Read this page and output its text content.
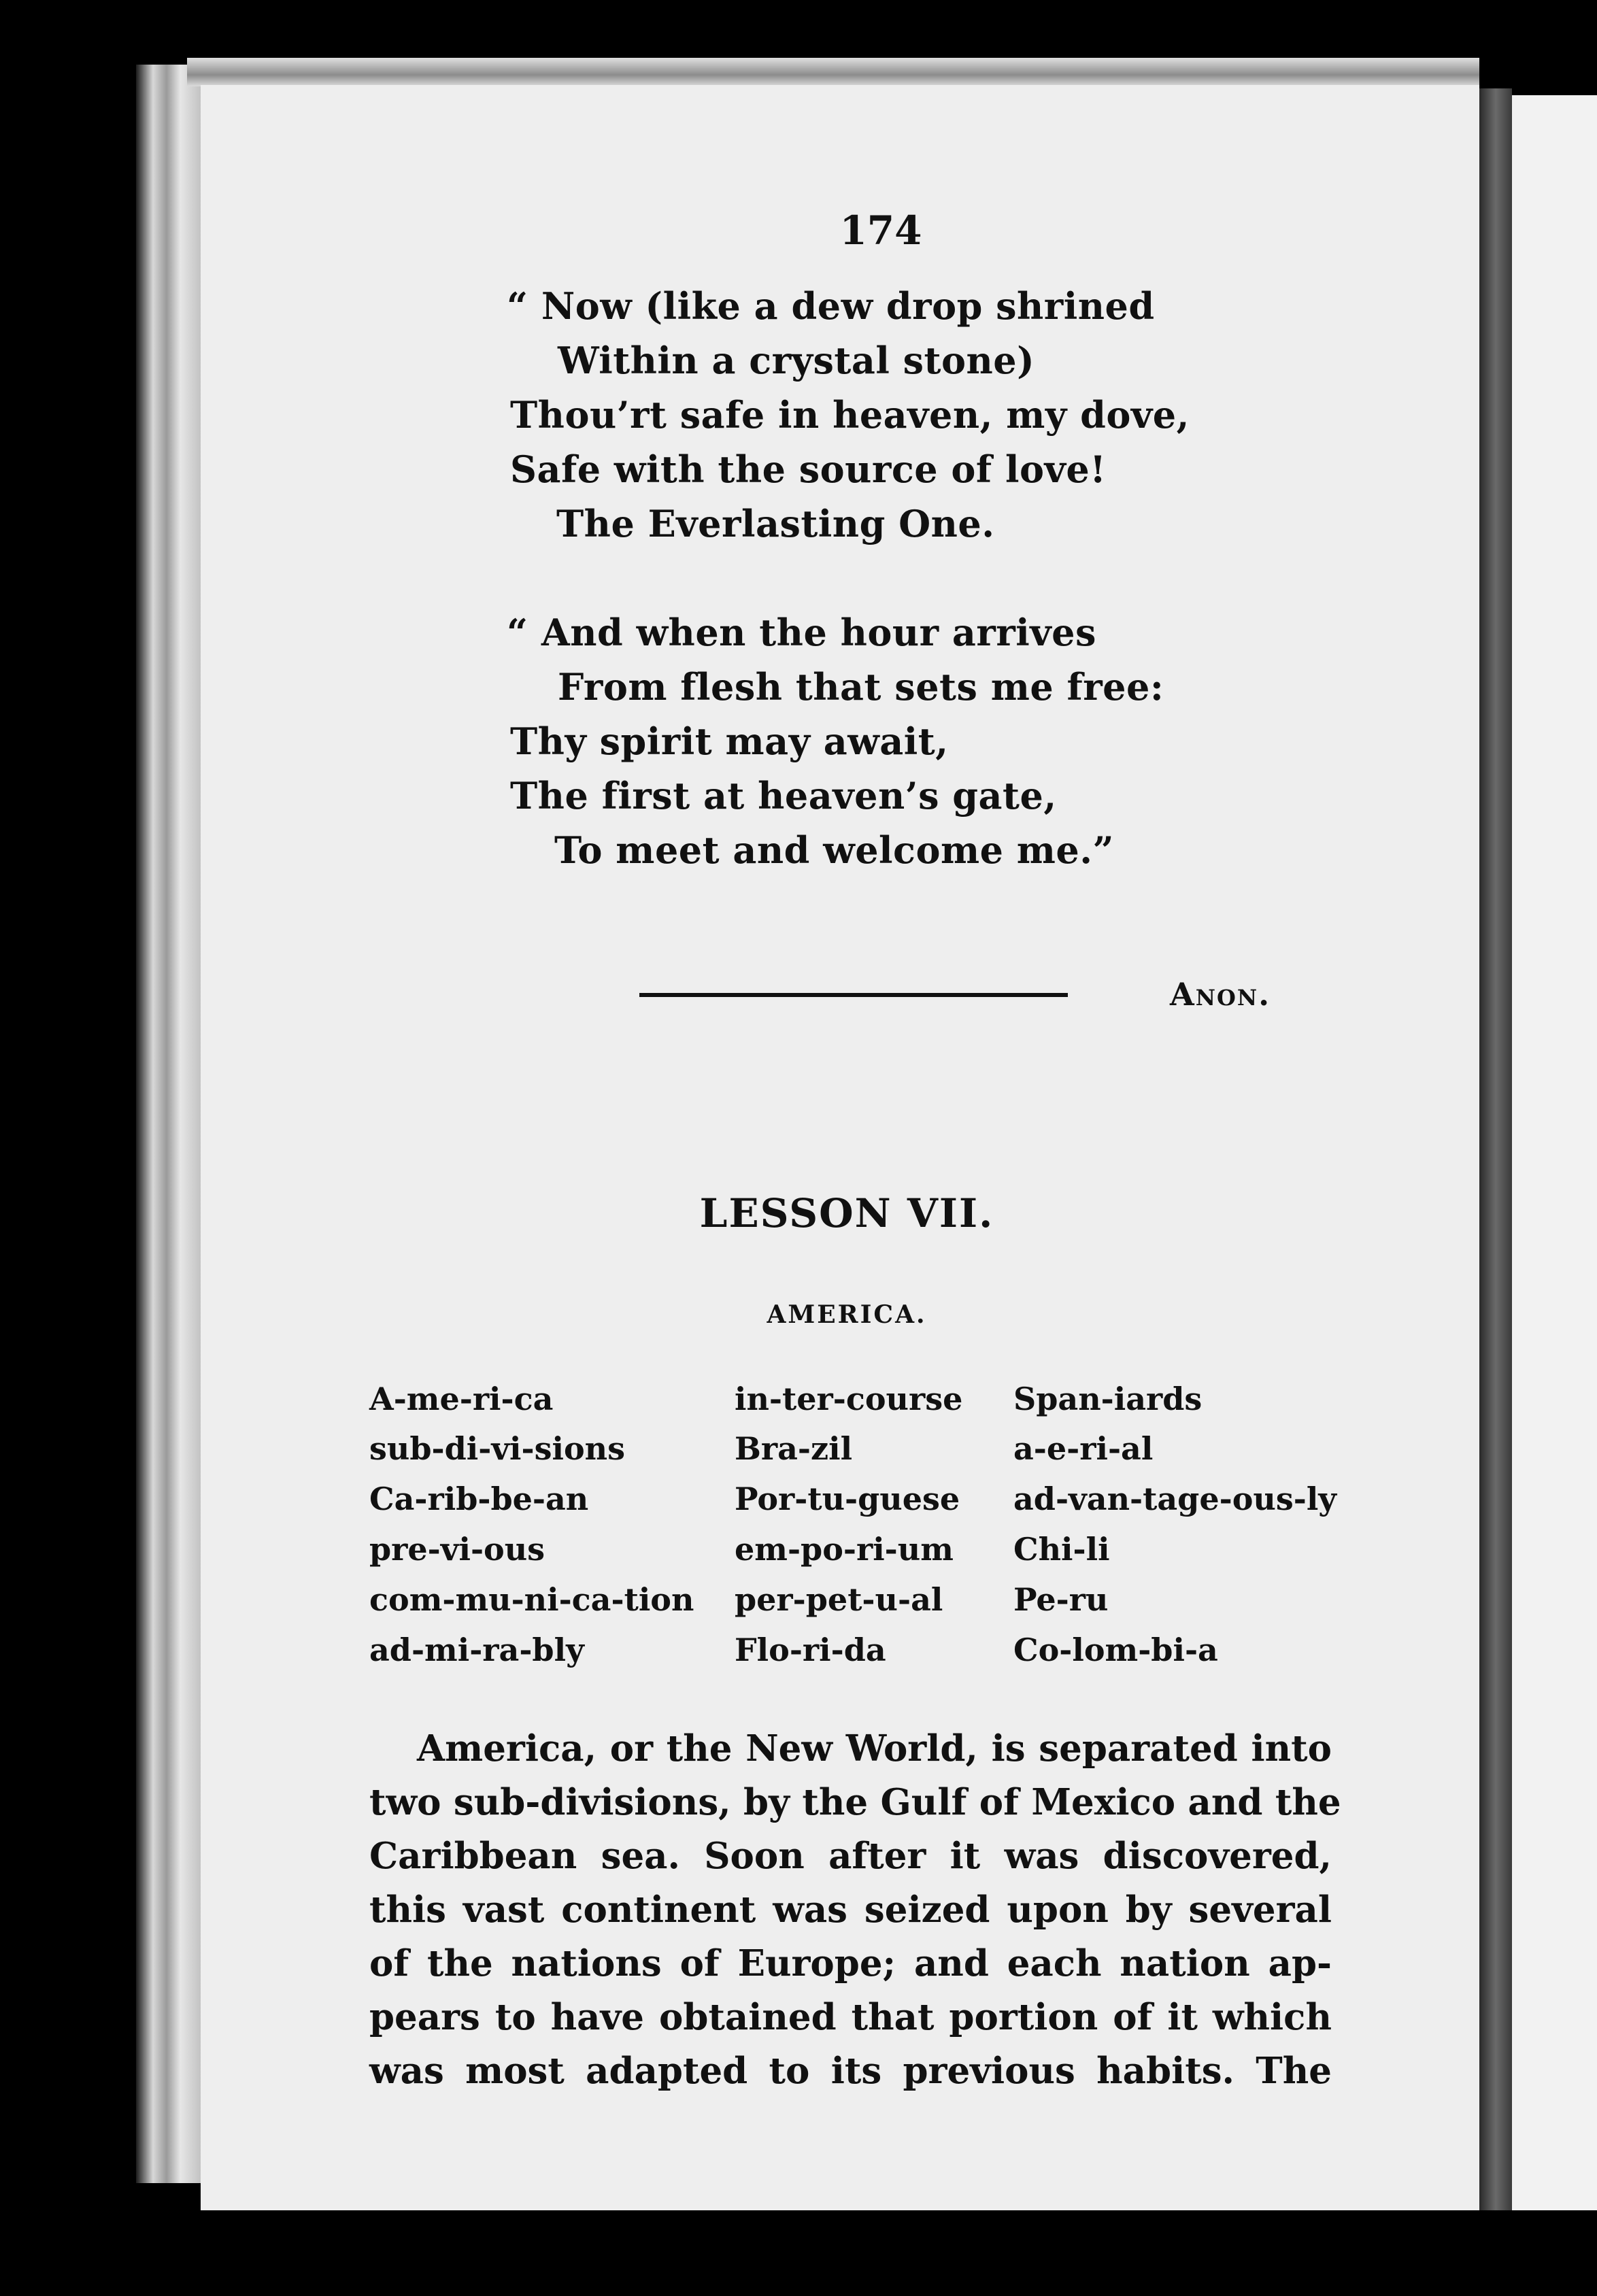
174
“ Now (like a dew drop shrined
Within a crystal stone)
Thou’rt safe in heaven, my dove,
Safe with the source of love!
The Everlasting One.
“ And when the hour arrives
From flesh that sets me free:
Thy spirit may await,
The first at heaven’s gate,
To meet and welcome me.”
Anon.
LESSON VII.
AMERICA.
A-me-ri-ca
sub-di-vi-sions
Ca-rib-be-an
pre-vi-ous
com-mu-ni-ca-tion
ad-mi-ra-bly
in-ter-course
Bra-zil
Por-tu-guese
em-po-ri-um
per-pet-u-al
Flo-ri-da
Span-iards
a-e-ri-al
ad-van-tage-ous-ly
Chi-li
Pe-ru
Co-lom-bi-a
America, or the New World, is separated into
two sub-divisions, by the Gulf of Mexico and the
Caribbean sea. Soon after it was discovered,
this vast continent was seized upon by several
of the nations of Europe; and each nation ap-
pears to have obtained that portion of it which
was most adapted to its previous habits. The
